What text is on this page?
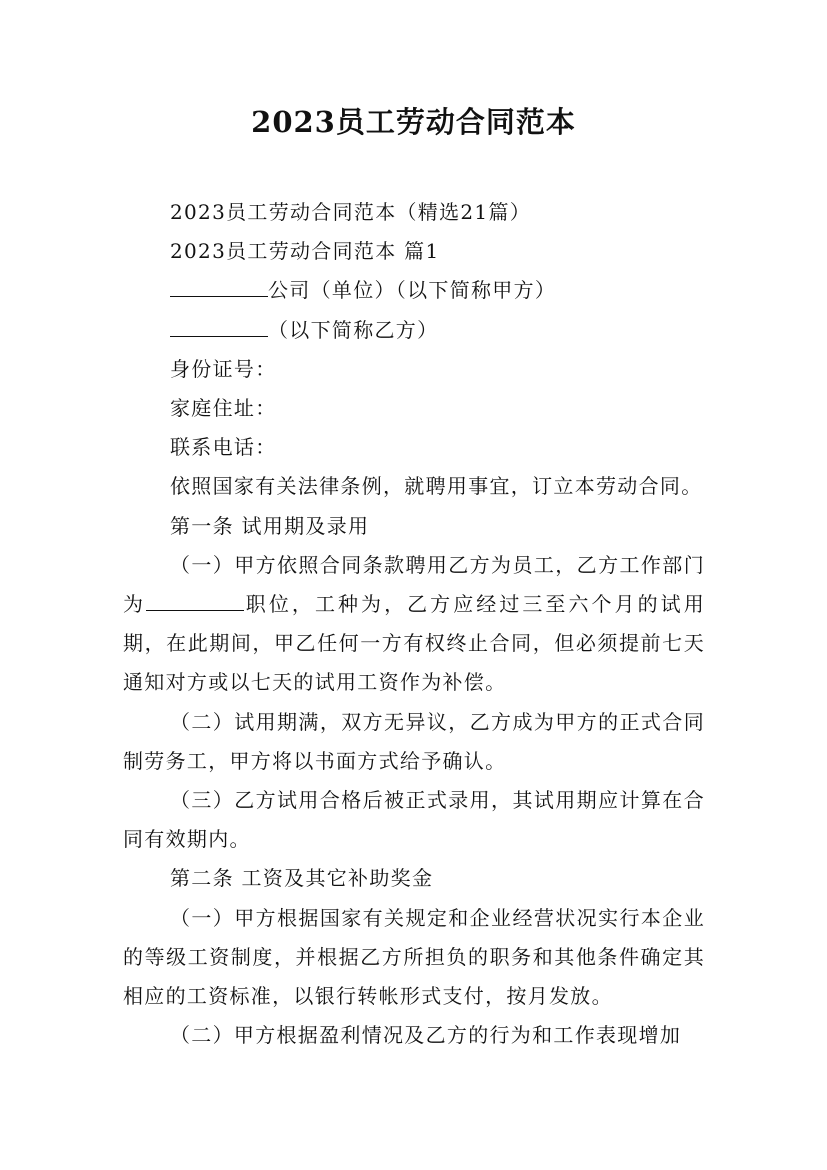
2023员工劳动合同范本

2023员工劳动合同范本（精选21篇）

2023员工劳动合同范本 篇1

公司（单位）（以下简称甲方）

（以下简称乙方）

身份证号：

家庭住址：

联系电话：

依照国家有关法律条例，就聘用事宜，订立本劳动合同。

第一条 试用期及录用

（一）甲方依照合同条款聘用乙方为员工，乙方工作部门为	职位，工种为，乙方应经过三至六个月的试用期，在此期间，甲乙任何一方有权终止合同，但必须提前七天通知对方或以七天的试用工资作为补偿。

（二）试用期满，双方无异议，乙方成为甲方的正式合同制劳务工，甲方将以书面方式给予确认。

（三）乙方试用合格后被正式录用，其试用期应计算在合同有效期内。

第二条 工资及其它补助奖金

（一）甲方根据国家有关规定和企业经营状况实行本企业的等级工资制度，并根据乙方所担负的职务和其他条件确定其相应的工资标准，以银行转帐形式支付，按月发放。

（二）甲方根据盈利情况及乙方的行为和工作表现增加
